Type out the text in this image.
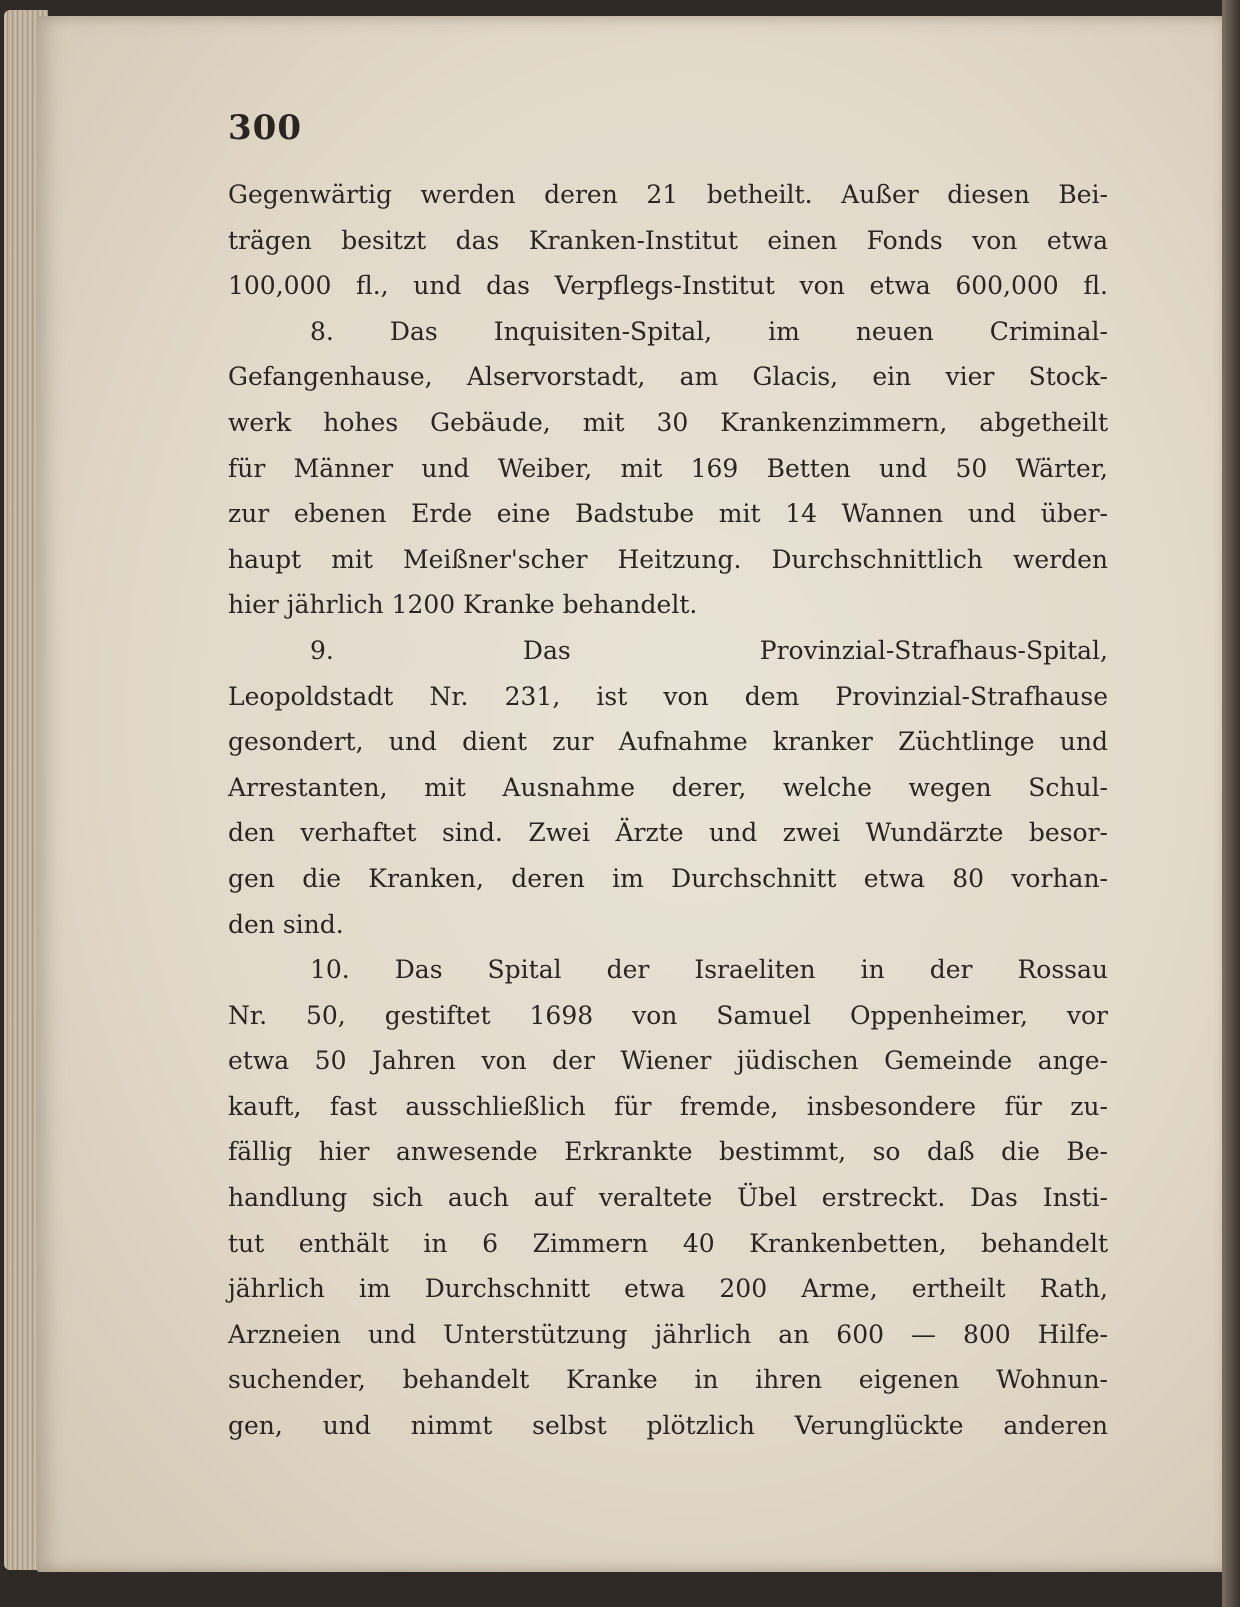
300
Gegenwärtig werden deren 21 betheilt. Außer diesen Bei-
trägen besitzt das Kranken-Institut einen Fonds von etwa
100,000 fl., und das Verpflegs-Institut von etwa 600,000 fl.
8. Das Inquisiten-Spital, im neuen Criminal-
Gefangenhause, Alservorstadt, am Glacis, ein vier Stock-
werk hohes Gebäude, mit 30 Krankenzimmern, abgetheilt
für Männer und Weiber, mit 169 Betten und 50 Wärter,
zur ebenen Erde eine Badstube mit 14 Wannen und über-
haupt mit Meißner'scher Heitzung. Durchschnittlich werden
hier jährlich 1200 Kranke behandelt.
9. Das Provinzial-Strafhaus-Spital,
Leopoldstadt Nr. 231, ist von dem Provinzial-Strafhause
gesondert, und dient zur Aufnahme kranker Züchtlinge und
Arrestanten, mit Ausnahme derer, welche wegen Schul-
den verhaftet sind. Zwei Ärzte und zwei Wundärzte besor-
gen die Kranken, deren im Durchschnitt etwa 80 vorhan-
den sind.
10. Das Spital der Israeliten in der Rossau
Nr. 50, gestiftet 1698 von Samuel Oppenheimer, vor
etwa 50 Jahren von der Wiener jüdischen Gemeinde ange-
kauft, fast ausschließlich für fremde, insbesondere für zu-
fällig hier anwesende Erkrankte bestimmt, so daß die Be-
handlung sich auch auf veraltete Übel erstreckt. Das Insti-
tut enthält in 6 Zimmern 40 Krankenbetten, behandelt
jährlich im Durchschnitt etwa 200 Arme, ertheilt Rath,
Arzneien und Unterstützung jährlich an 600 — 800 Hilfe-
suchender, behandelt Kranke in ihren eigenen Wohnun-
gen, und nimmt selbst plötzlich Verunglückte anderen
